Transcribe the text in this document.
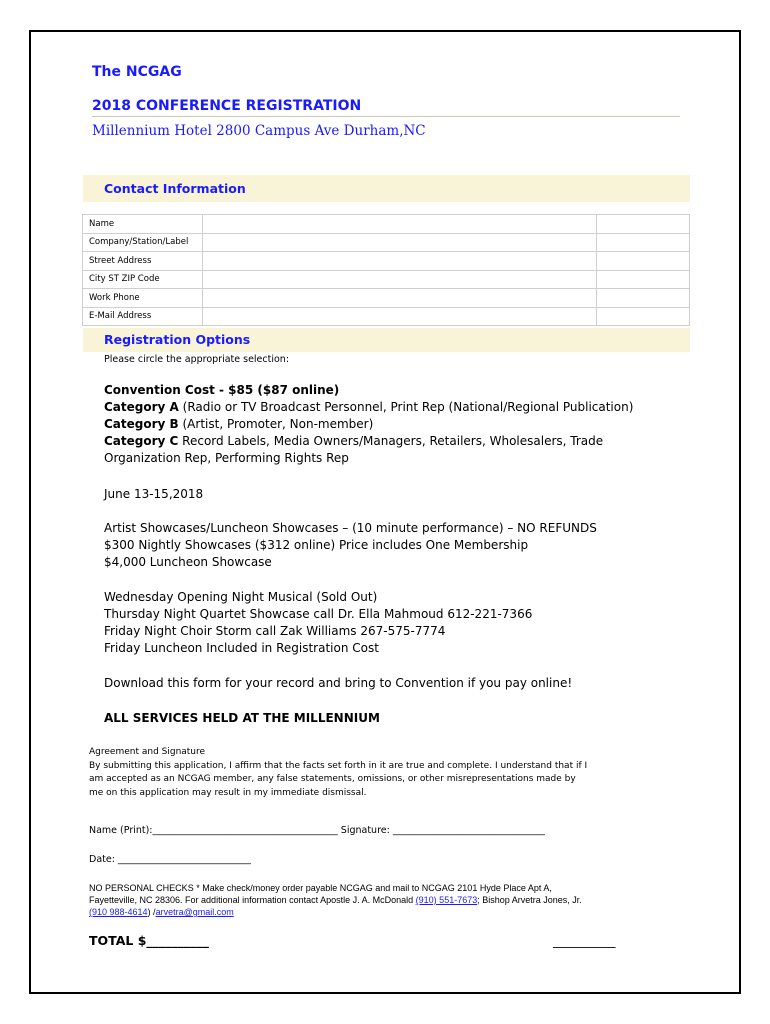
The NCGAG
2018 CONFERENCE REGISTRATION
Millennium Hotel 2800 Campus Ave Durham,NC
Contact Information
Name		
Company/Station/Label		
Street Address		
City ST ZIP Code		
Work Phone		
E-Mail Address		
Registration Options
Please circle the appropriate selection:
Convention Cost - $85 ($87 online)
Category A (Radio or TV Broadcast Personnel, Print Rep (National/Regional Publication)
Category B (Artist, Promoter, Non-member)
Category C Record Labels, Media Owners/Managers, Retailers, Wholesalers, Trade
Organization Rep, Performing Rights Rep
June 13-15,2018
Artist Showcases/Luncheon Showcases – (10 minute performance) – NO REFUNDS
$300 Nightly Showcases ($312 online) Price includes One Membership
$4,000 Luncheon Showcase
Wednesday Opening Night Musical (Sold Out)
Thursday Night Quartet Showcase call Dr. Ella Mahmoud 612-221-7366
Friday Night Choir Storm call Zak Williams 267-575-7774
Friday Luncheon Included in Registration Cost
Download this form for your record and bring to Convention if you pay online!
ALL SERVICES HELD AT THE MILLENNIUM
Agreement and Signature
By submitting this application, I affirm that the facts set forth in it are true and complete. I understand that if I
am accepted as an NCGAG member, any false statements, omissions, or other misrepresentations made by
me on this application may result in my immediate dismissal.
Name (Print):_______________________________________ Signature: ________________________________
Date: ____________________________
NO PERSONAL CHECKS * Make check/money order payable NCGAG and mail to NCGAG 2101 Hyde Place Apt A,
Fayetteville, NC 28306. For additional information contact Apostle J. A. McDonald (910) 551-7673; Bishop Arvetra Jones, Jr.
(910 988-4614) /arvetra@gmail.com
TOTAL $__________	__________
